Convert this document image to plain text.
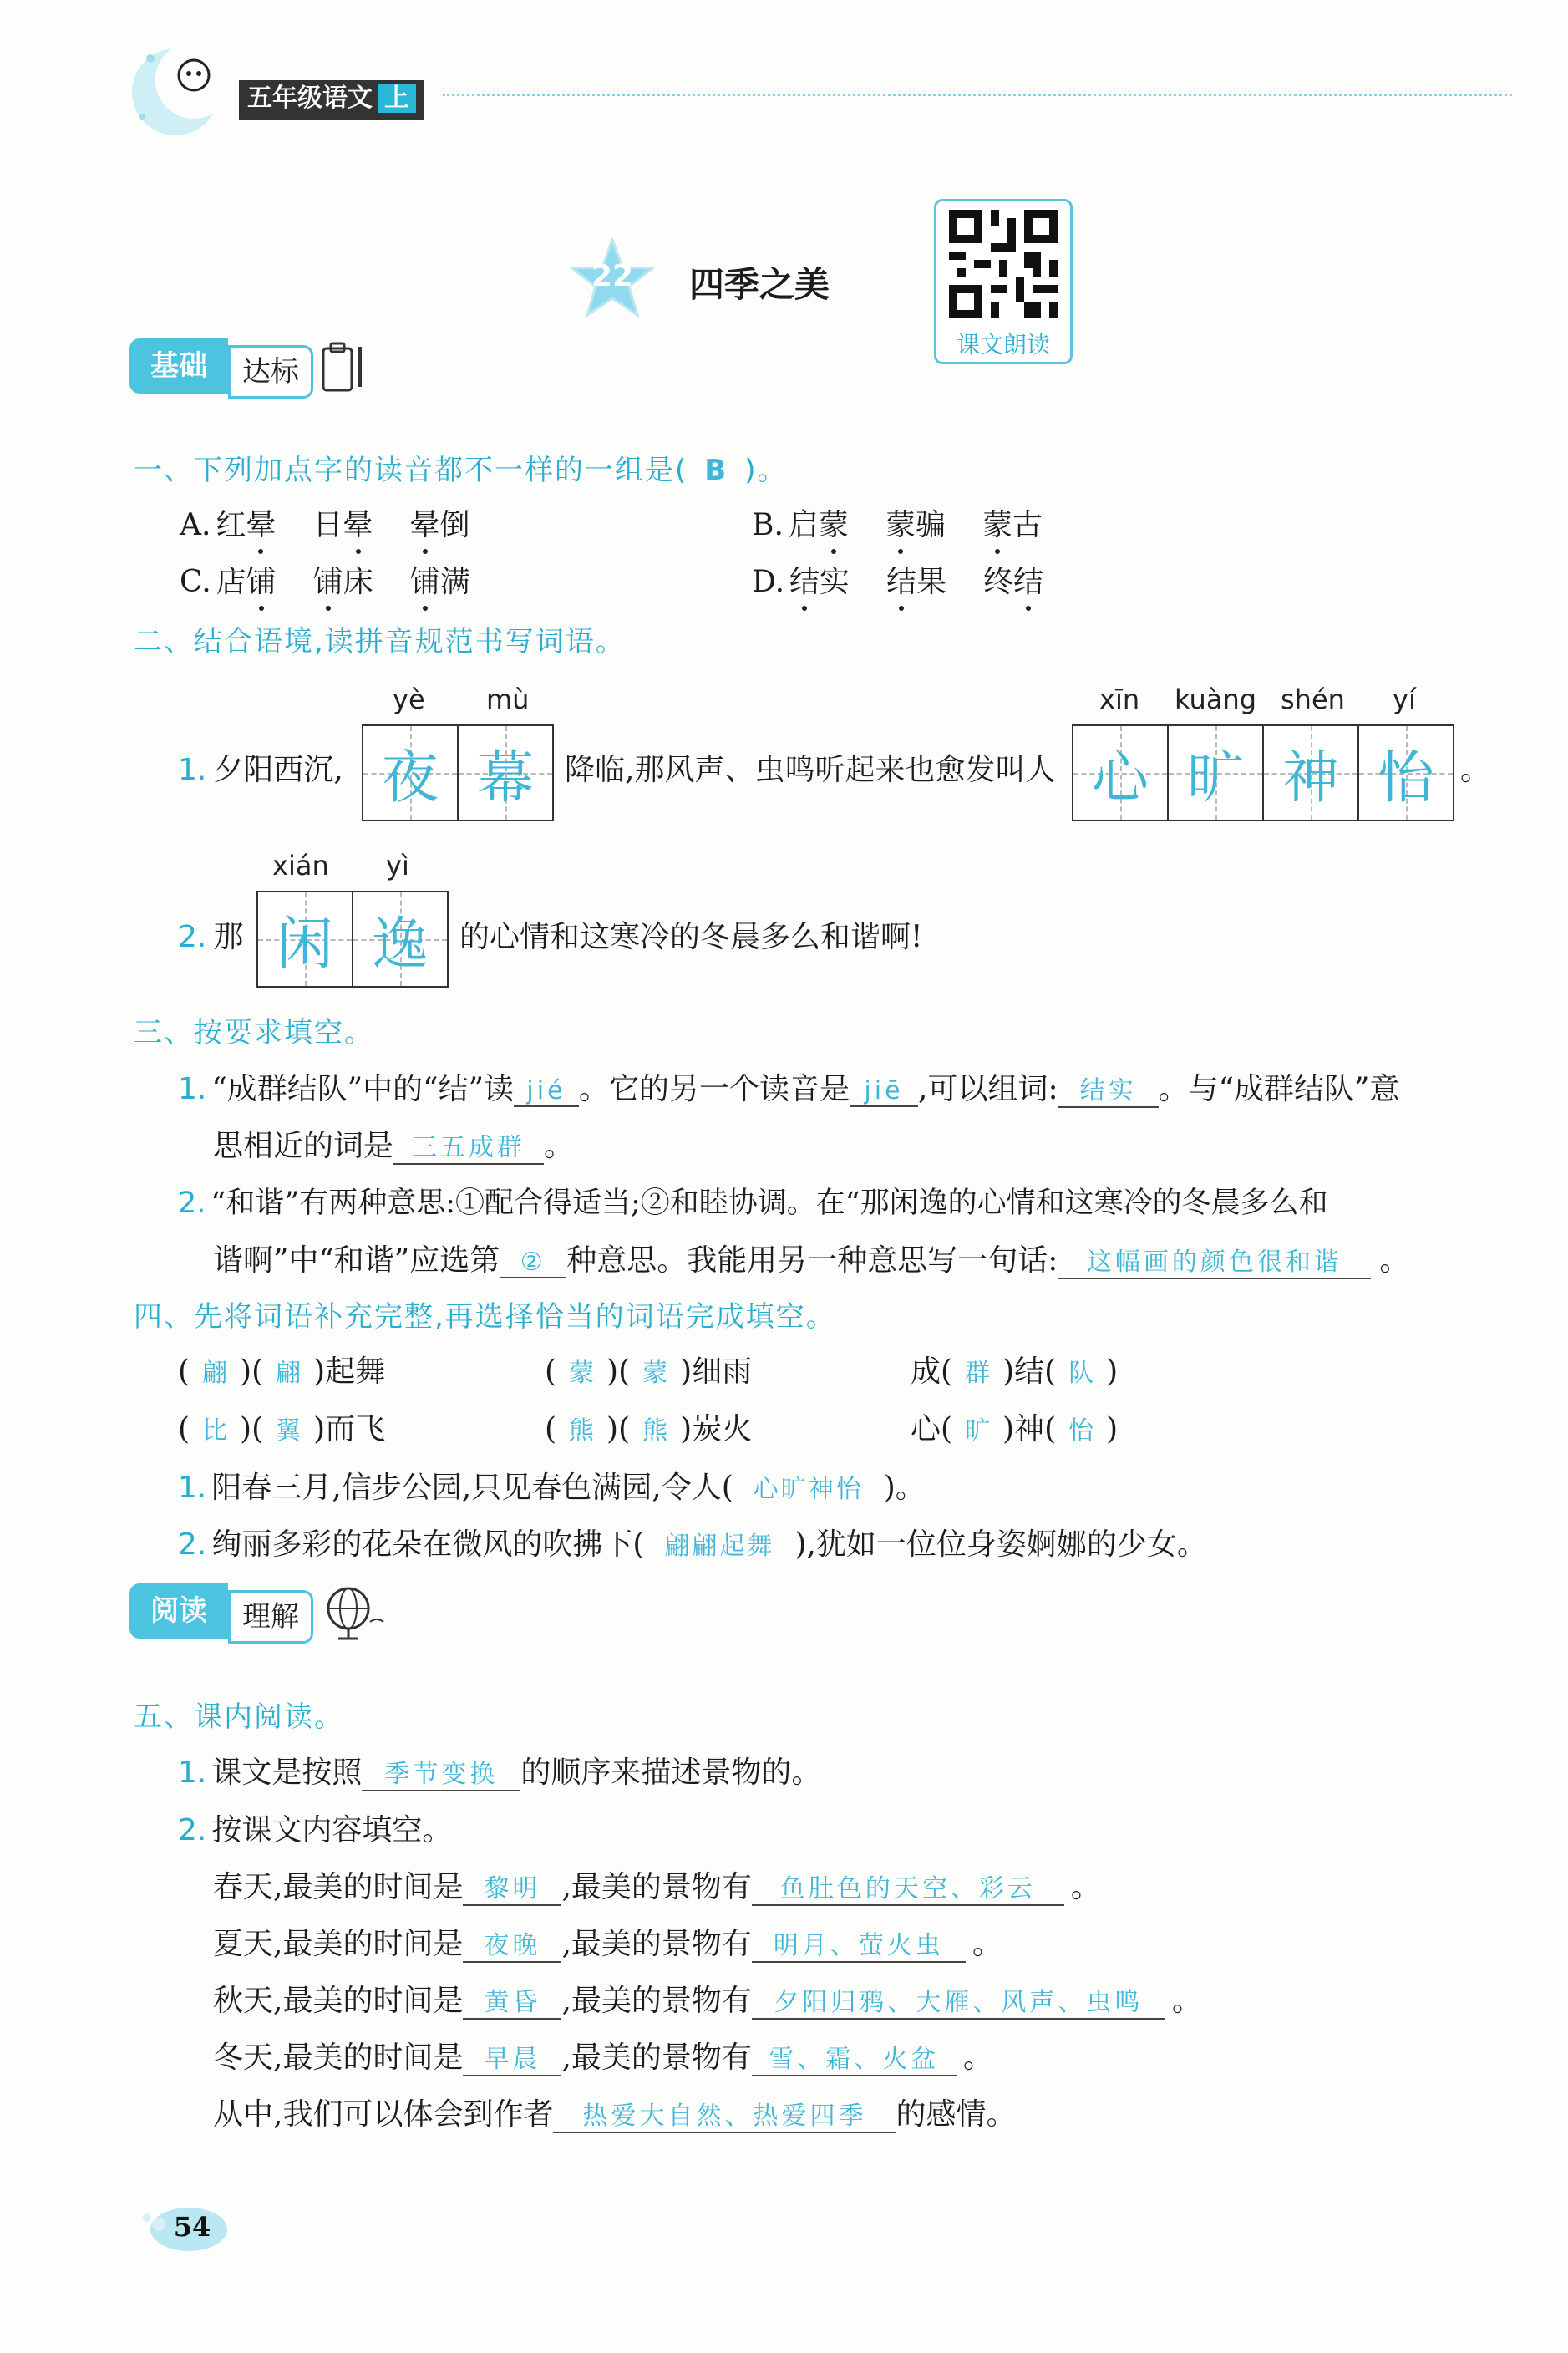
五年级语文 上
22 四季之美
课文朗读
基础	达标
一、下列加点字的读音都不一样的一组是( B )。
A. 红晕 日晕 晕倒	B. 启蒙 蒙骗 蒙古
C. 店铺 铺床 铺满	D. 结实 结果 终结
二、结合语境,读拼音规范书写词语。
yè mù	xīn kuàng shén yí
1. 夕阳西沉, 夜 幕 降临,那风声、虫鸣听起来也愈发叫人 心 旷 神 怡 。
xián yì
2. 那 闲 逸 的心情和这寒冷的冬晨多么和谐啊!
三、按要求填空。
1. “成群结队”中的“结”读 jié 。它的另一个读音是 jiē ,可以组词: 结实 。与“成群结队”意
思相近的词是 三五成群 。
2. “和谐”有两种意思:①配合得适当;②和睦协调。在“那闲逸的心情和这寒冷的冬晨多么和
谐啊”中“和谐”应选第 ② 种意思。我能用另一种意思写一句话: 这幅画的颜色很和谐 。
四、先将词语补充完整,再选择恰当的词语完成填空。
( 翩 )( 翩 )起舞	( 蒙 )( 蒙 )细雨	成( 群 )结( 队 )
( 比 )( 翼 )而飞	( 熊 )( 熊 )炭火	心( 旷 )神( 怡 )
1. 阳春三月,信步公园,只见春色满园,令人( 心旷神怡 )。
2. 绚丽多彩的花朵在微风的吹拂下( 翩翩起舞 ),犹如一位位身姿婀娜的少女。
阅读	理解
五、课内阅读。
1. 课文是按照 季节变换 的顺序来描述景物的。
2. 按课文内容填空。
春天,最美的时间是 黎明 ,最美的景物有 鱼肚色的天空、彩云 。
夏天,最美的时间是 夜晚 ,最美的景物有 明月、萤火虫 。
秋天,最美的时间是 黄昏 ,最美的景物有 夕阳归鸦、大雁、风声、虫鸣 。
冬天,最美的时间是 早晨 ,最美的景物有 雪、霜、火盆 。
从中,我们可以体会到作者 热爱大自然、热爱四季 的感情。
54
